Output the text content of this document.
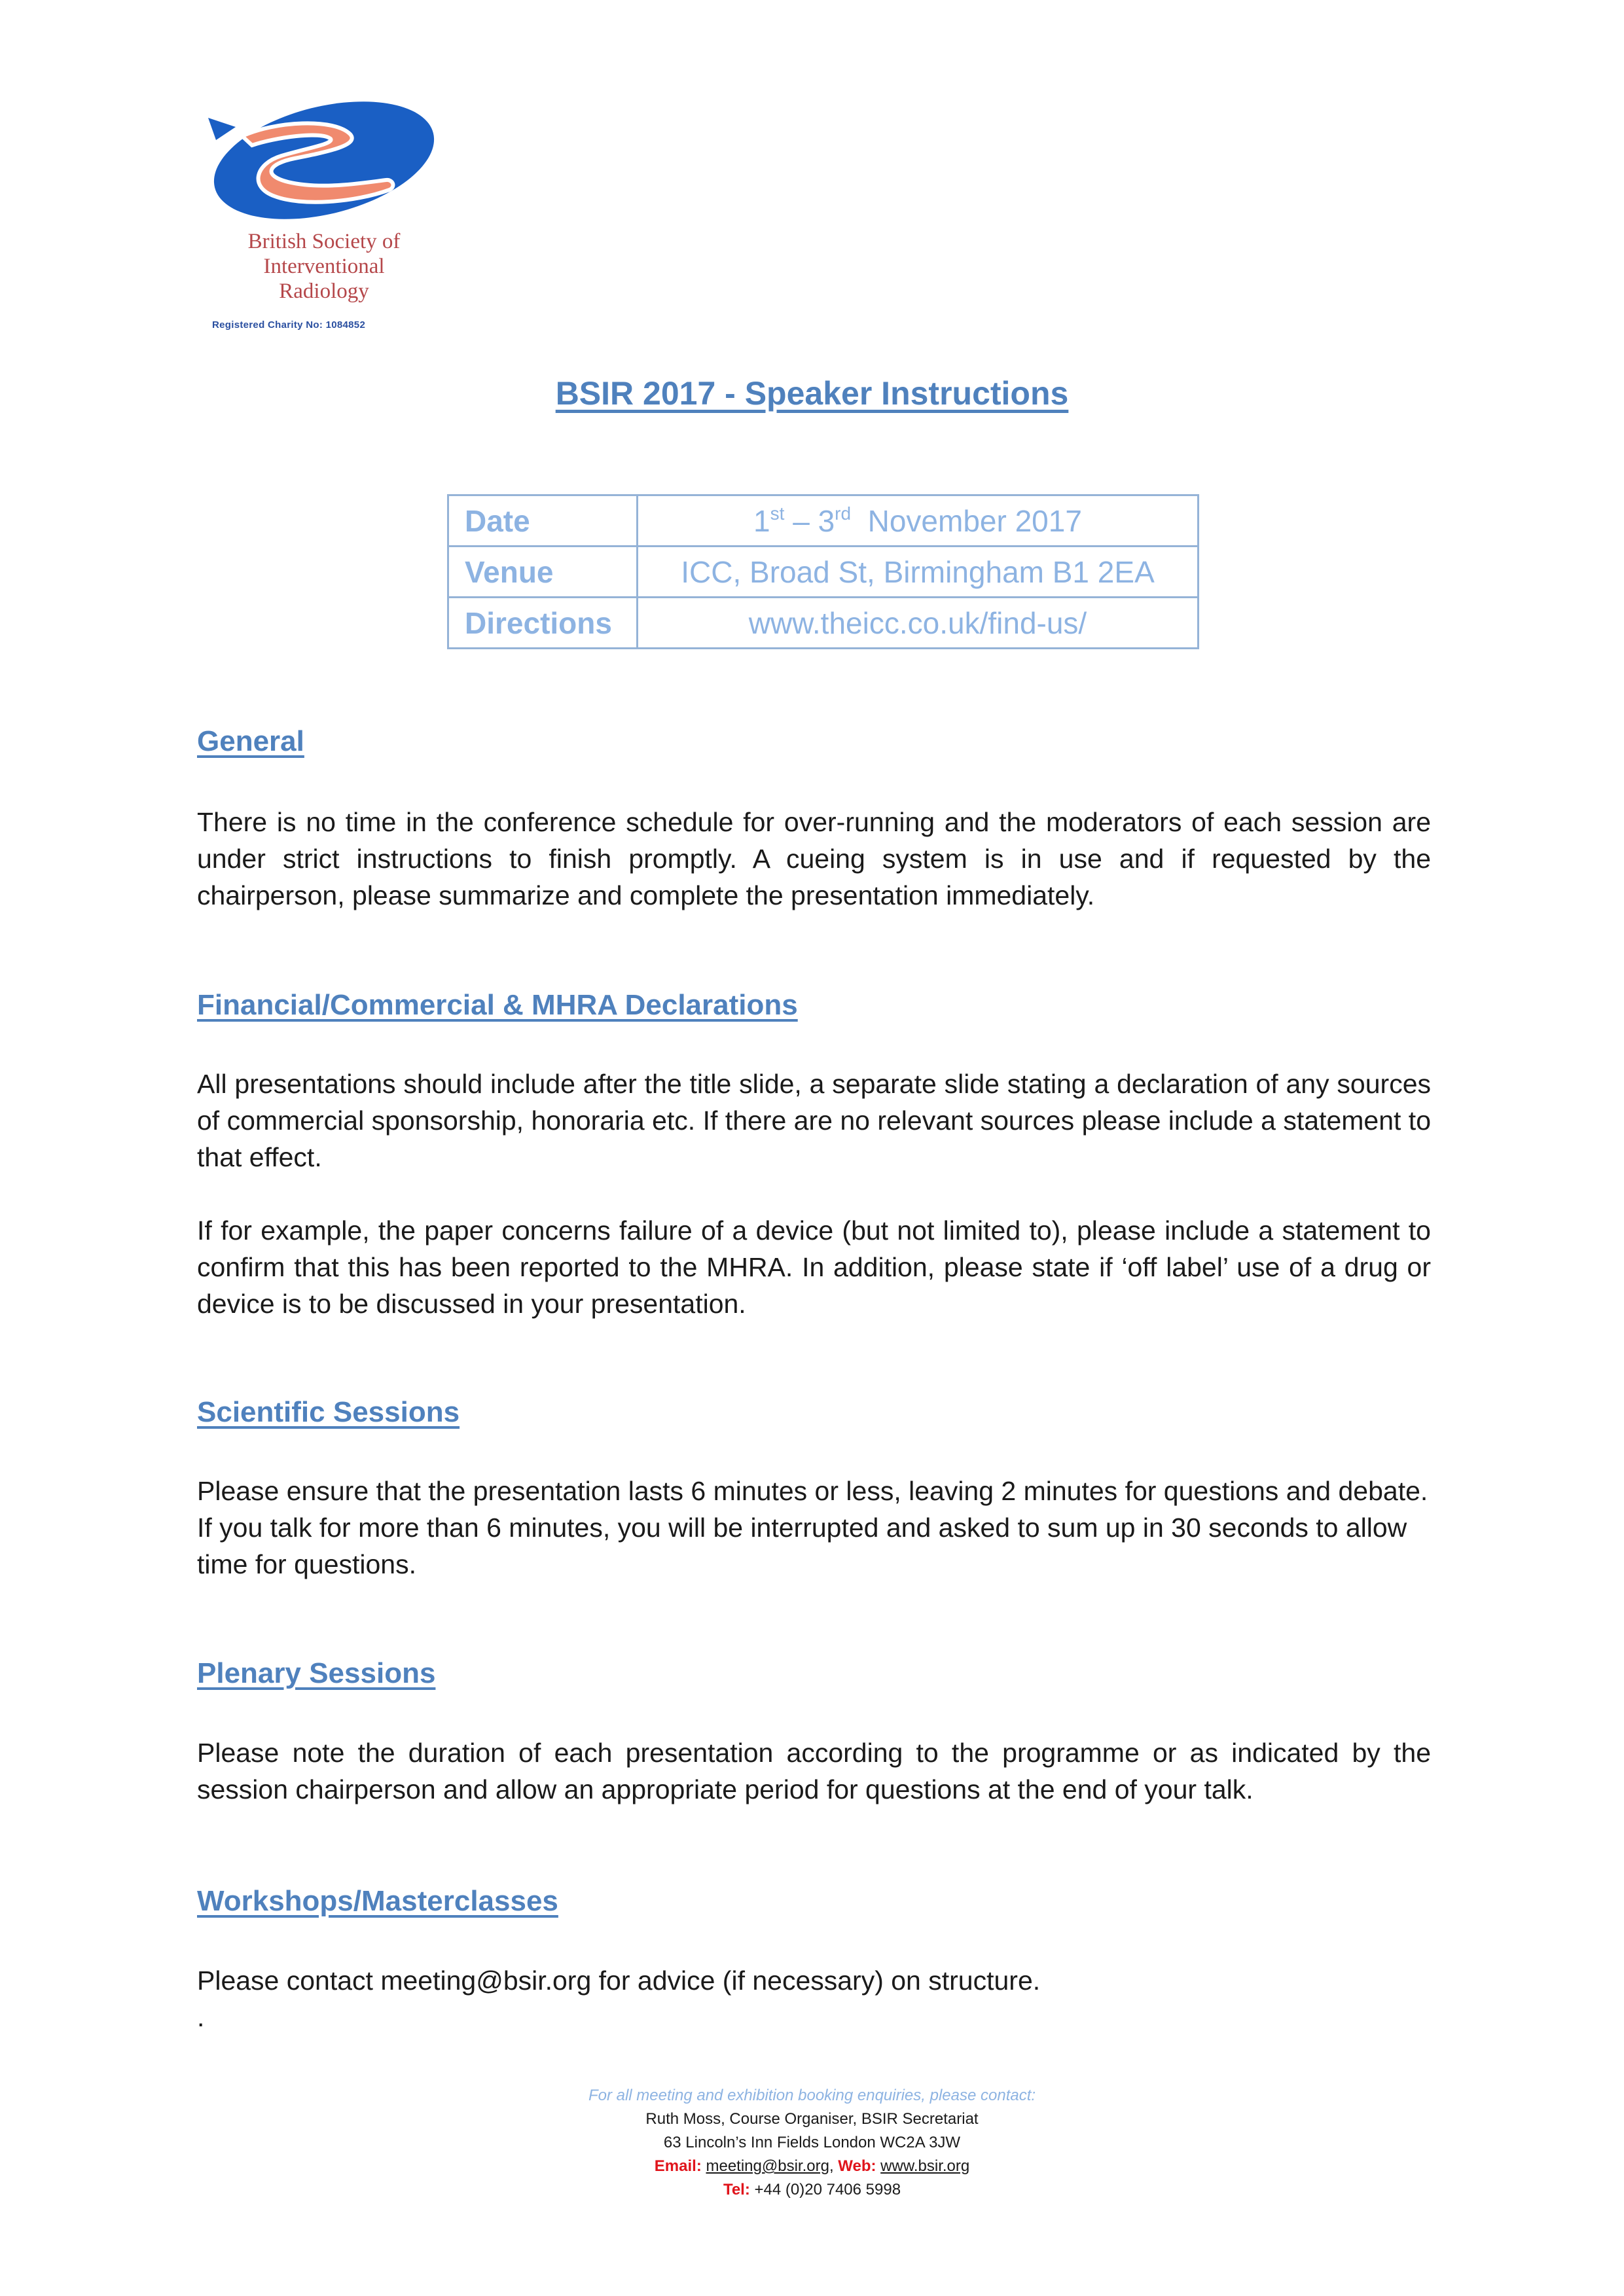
British Society of
Interventional
Radiology
Registered Charity No: 1084852
BSIR 2017 - Speaker Instructions
Date	1st – 3rd  November 2017
Venue	ICC, Broad St, Birmingham B1 2EA
Directions	www.theicc.co.uk/find-us/
General
There is no time in the conference schedule for over-running and the moderators of each session are under strict instructions to finish promptly. A cueing system is in use and if requested by the chairperson, please summarize and complete the presentation immediately.
Financial/Commercial & MHRA Declarations
All presentations should include after the title slide, a separate slide stating a declaration of any sources of commercial sponsorship, honoraria etc. If there are no relevant sources please include a statement to that effect.
If for example, the paper concerns failure of a device (but not limited to), please include a statement to confirm that this has been reported to the MHRA. In addition, please state if ‘off label’ use of a drug or device is to be discussed in your presentation.
Scientific Sessions
Please ensure that the presentation lasts 6 minutes or less, leaving 2 minutes for questions and debate. If you talk for more than 6 minutes, you will be interrupted and asked to sum up in 30 seconds to allow time for questions.
Plenary Sessions
Please note the duration of each presentation according to the programme or as indicated by the session chairperson and allow an appropriate period for questions at the end of your talk.
Workshops/Masterclasses
Please contact meeting@bsir.org for advice (if necessary) on structure.
.
For all meeting and exhibition booking enquiries, please contact:
Ruth Moss, Course Organiser, BSIR Secretariat
63 Lincoln’s Inn Fields London WC2A 3JW
Email: meeting@bsir.org, Web: www.bsir.org
Tel: +44 (0)20 7406 5998
